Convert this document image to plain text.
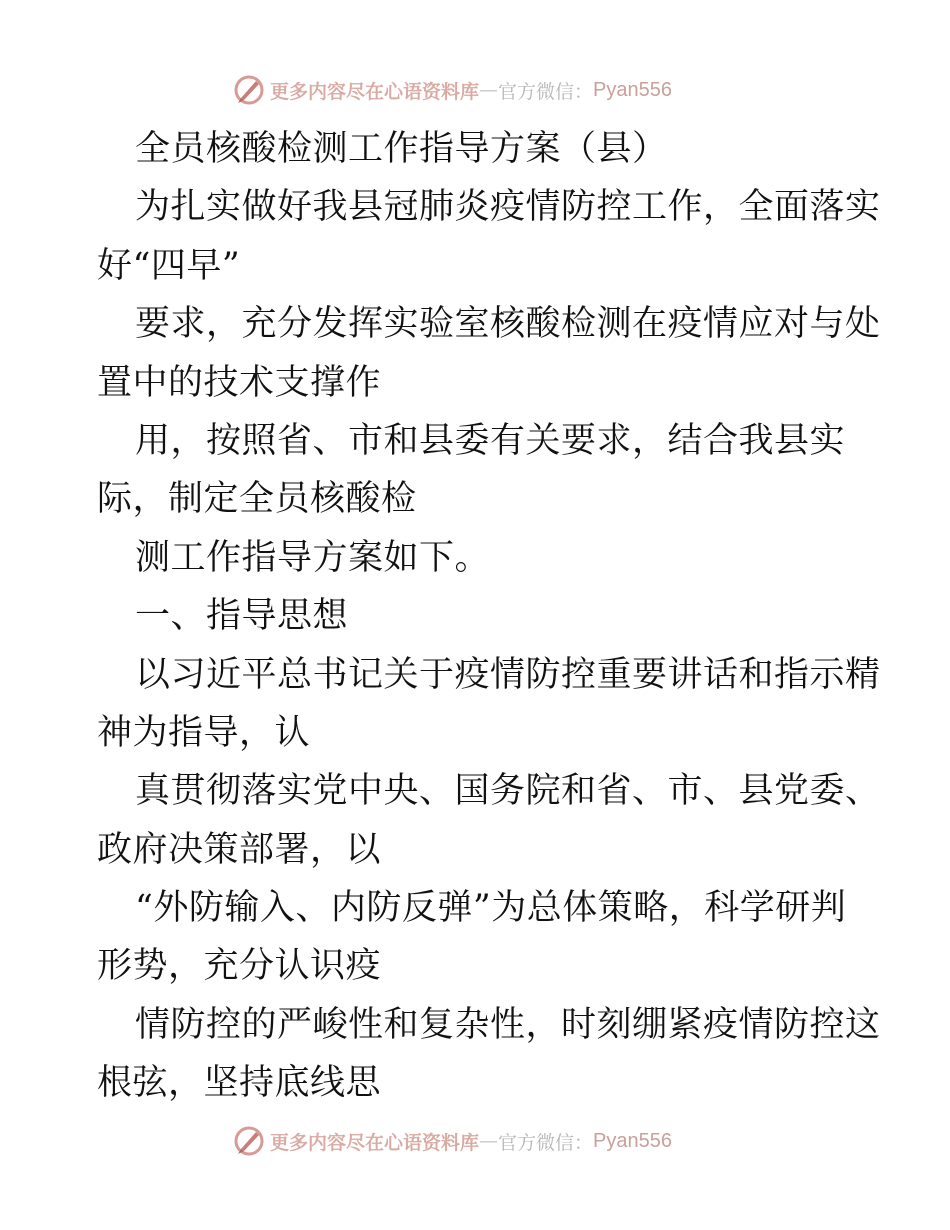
更多内容尽在心语资料库 — 官方微信： Pyan556
全员核酸检测工作指导方案（县）
为扎实做好我县冠肺炎疫情防控工作，全面落实
好“四早”
要求，充分发挥实验室核酸检测在疫情应对与处
置中的技术支撑作
用，按照省、市和县委有关要求，结合我县实
际，制定全员核酸检
测工作指导方案如下。
一、指导思想
以习近平总书记关于疫情防控重要讲话和指示精
神为指导，认
真贯彻落实党中央、国务院和省、市、县党委、
政府决策部署，以
“外防输入、内防反弹”为总体策略，科学研判
形势，充分认识疫
情防控的严峻性和复杂性，时刻绷紧疫情防控这
根弦，坚持底线思
更多内容尽在心语资料库 — 官方微信： Pyan556
